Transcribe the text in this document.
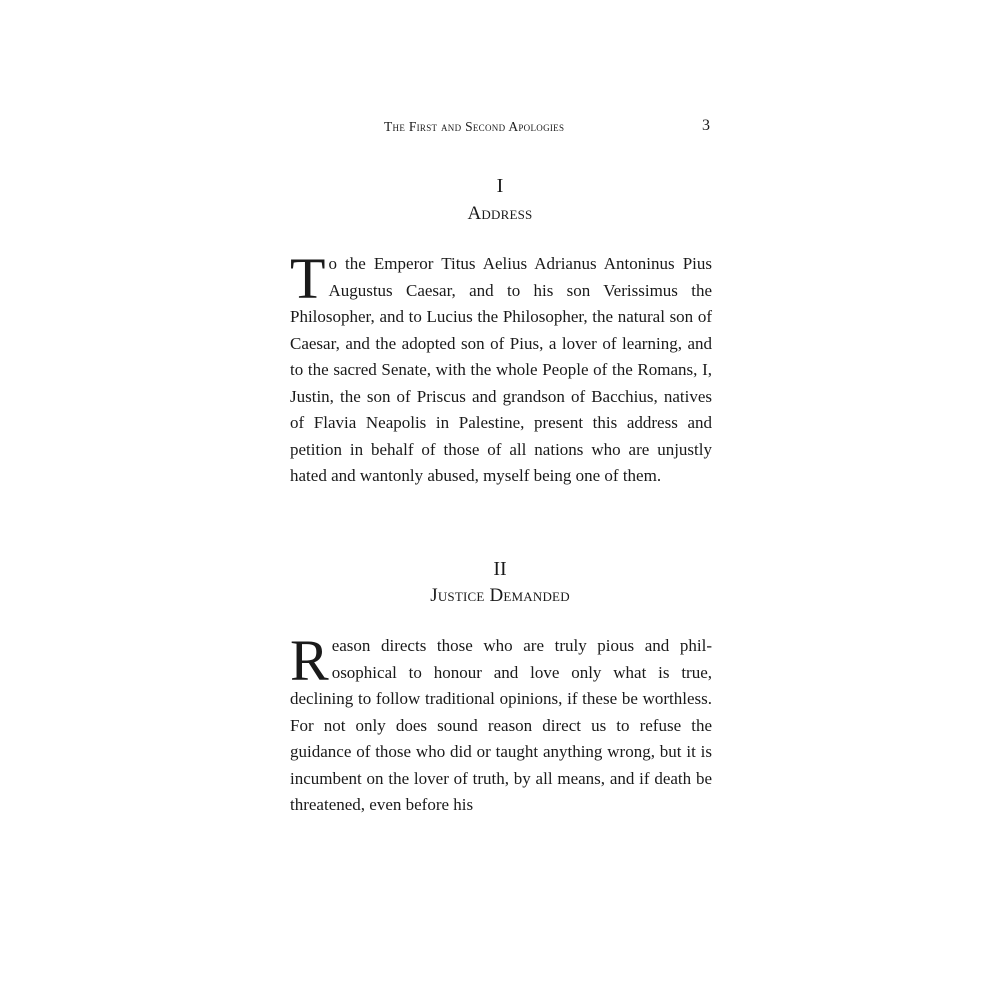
The First and Second Apologies	3
I
Address

To the Emperor Titus Aelius Adrianus Antoninus Pius Augustus Caesar, and to his son Verissimus the Philosopher, and to Lucius the Philosopher, the natural son of Caesar, and the adopted son of Pius, a lover of learning, and to the sacred Senate, with the whole People of the Romans, I, Justin, the son of Priscus and grandson of Bacchius, natives of Flavia Neapolis in Palestine, present this address and petition in behalf of those of all nations who are unjustly hated and wantonly abused, myself being one of them.

II
Justice Demanded

Reason directs those who are truly pious and philosophical to honour and love only what is true, declining to follow traditional opinions, if these be worthless. For not only does sound reason direct us to refuse the guidance of those who did or taught anything wrong, but it is incumbent on the lover of truth, by all means, and if death be threatened, even before his
